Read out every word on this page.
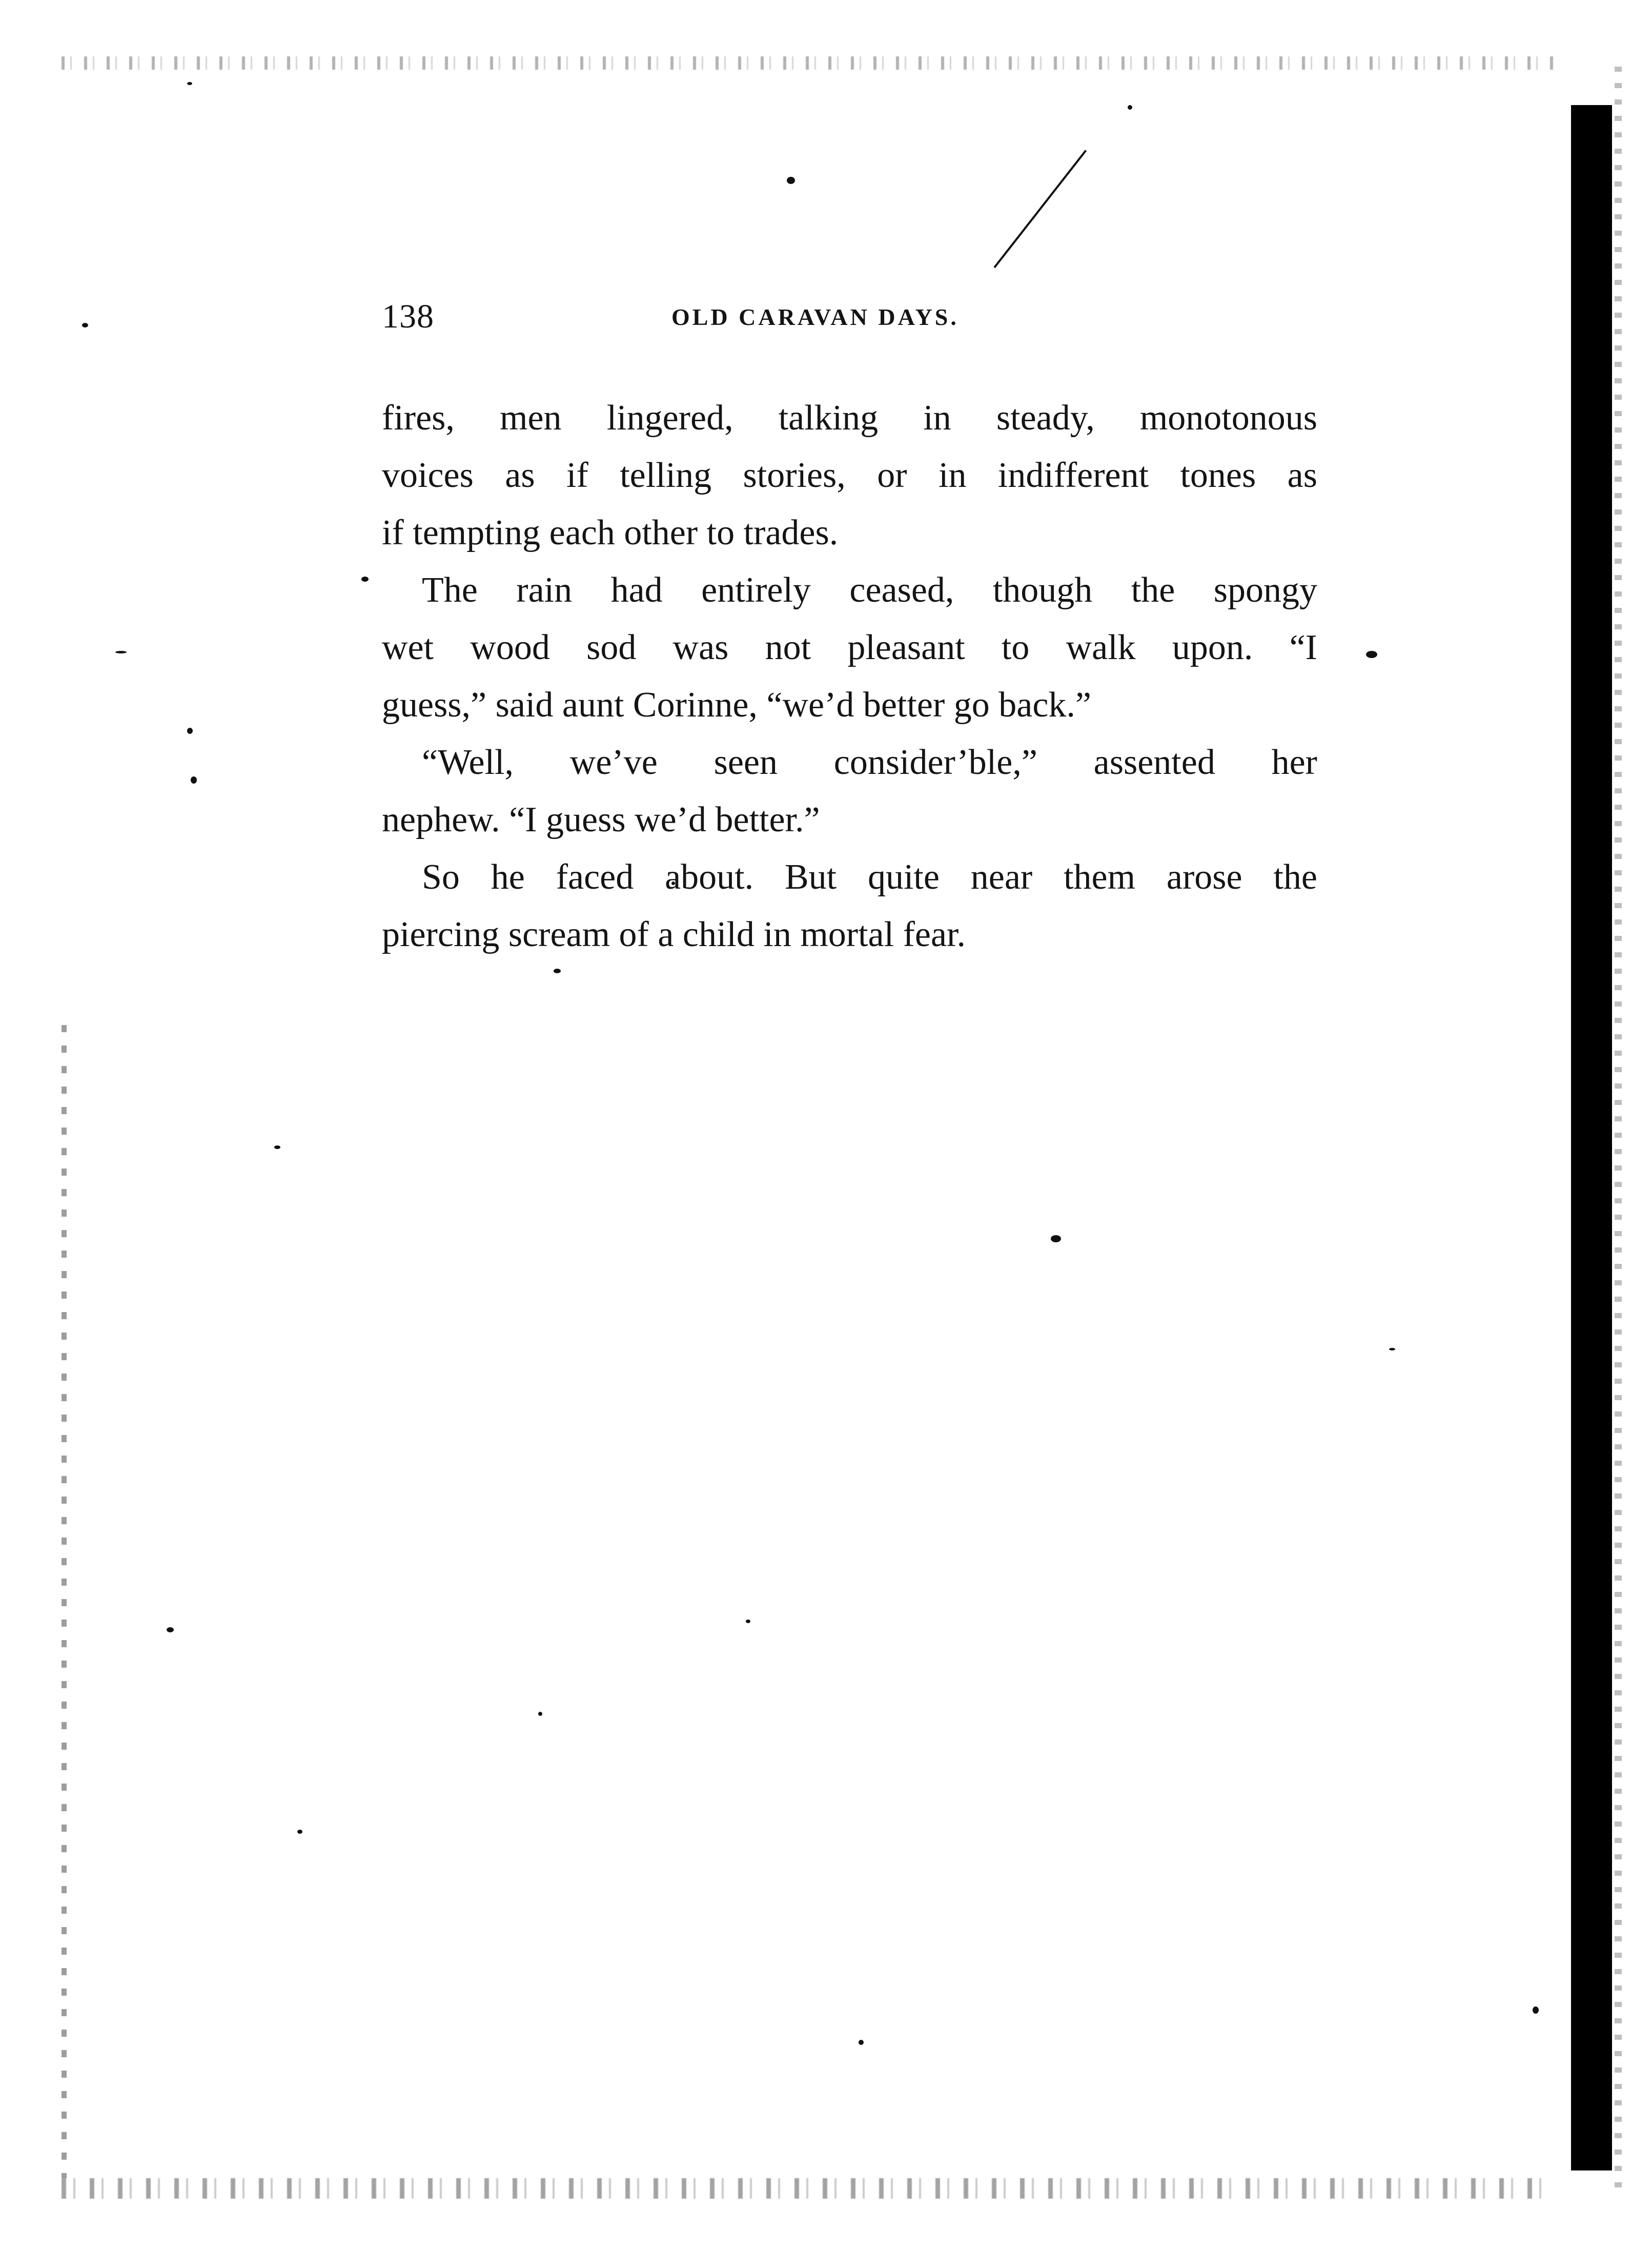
138	OLD CARAVAN DAYS.
fires, men lingered, talking in steady, monotonous
voices as if telling stories, or in indifferent tones as
if tempting each other to trades.
The rain had entirely ceased, though the spongy
wet wood sod was not pleasant to walk upon. “I
guess,” said aunt Corinne, “we’d better go back.”
“Well, we’ve seen consider’ble,” assented her
nephew. “I guess we’d better.”
So he faced about. But quite near them arose the
piercing scream of a child in mortal fear.
